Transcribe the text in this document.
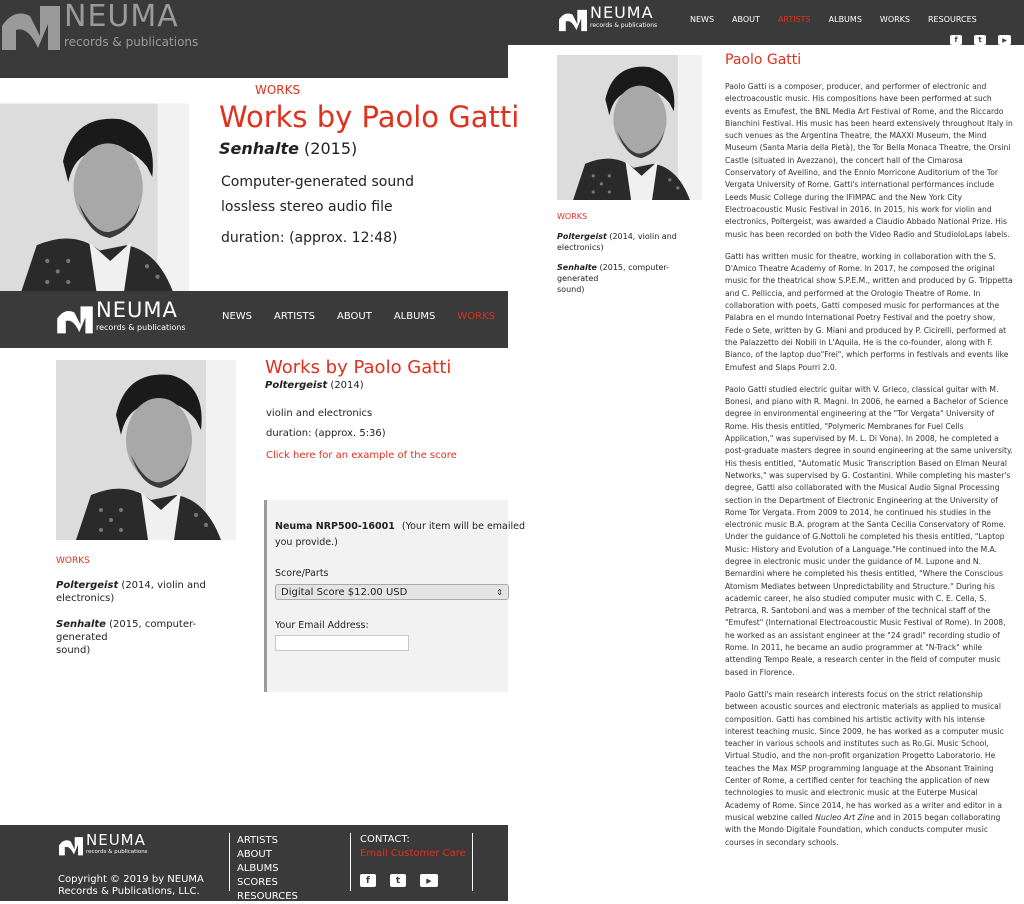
NEUMA
records & publications
WORKS
Works by Paolo Gatti
Senhalte (2015)
Computer-generated sound
lossless stereo audio file
duration: (approx. 12:48)
NEUMA
records & publications
NEWS ARTISTS ABOUT ALBUMS WORKS
Works by Paolo Gatti
Poltergeist (2014)
violin and electronics
duration: (approx. 5:36)
Click here for an example of the score
Neuma NRP500-16001 (Your item will be emailed
you provide.)
Score/Parts
Digital Score $12.00 USD	⇕
Your Email Address:
WORKS
Poltergeist (2014, violin and
electronics)
Senhalte (2015, computer-generated
sound)
NEUMA
records & publications
Copyright © 2019 by NEUMA
Records & Publications, LLC.
ARTISTS
ABOUT
ALBUMS
SCORES
RESOURCES
CONTACT:
Email Customer Care
f	t	▶
NEUMA
records & publications
NEWS ABOUT ARTISTS ALBUMS WORKS RESOURCES
f	t	▶
WORKS
Poltergeist (2014, violin and
electronics)
Senhalte (2015, computer-generated
sound)
Paolo Gatti

Paolo Gatti is a composer, producer, and performer of electronic and electroacoustic music. His compositions have been performed at such events as Emufest, the BNL Media Art Festival of Rome, and the Riccardo Bianchini Festival. His music has been heard extensively throughout Italy in such venues as the Argentina Theatre, the MAXXI Museum, the Mind Museum (Santa Maria della Pietà), the Tor Bella Monaca Theatre, the Orsini Castle (situated in Avezzano), the concert hall of the Cimarosa Conservatory of Avellino, and the Ennio Morricone Auditorium of the Tor Vergata University of Rome. Gatti's international performances include Leeds Music College during the IFIMPAC and the New York City Electroacoustic Music Festival in 2016. In 2015, his work for violin and electronics, Poltergeist, was awarded a Claudio Abbado National Prize. His music has been recorded on both the Video Radio and StudioloLaps labels.

Gatti has written music for theatre, working in collaboration with the S. D'Amico Theatre Academy of Rome. In 2017, he composed the original music for the theatrical show S.P.E.M., written and produced by G. Trippetta and C. Pelliccia, and performed at the Orologio Theatre of Rome. In collaboration with poets, Gatti composed music for performances at the Palabra en el mundo International Poetry Festival and the poetry show, Fede o Sete, written by G. Miani and produced by P. Cicirelli, performed at the Palazzetto dei Nobili in L'Aquila. He is the co-founder, along with F. Bianco, of the laptop duo"Frei", which performs in festivals and events like Emufest and Slaps Pourri 2.0.

Paolo Gatti studied electric guitar with V. Grieco, classical guitar with M. Bonesi, and piano with R. Magni. In 2006, he earned a Bachelor of Science degree in environmental engineering at the "Tor Vergata" University of Rome. His thesis entitled, "Polymeric Membranes for Fuel Cells Application," was supervised by M. L. Di Vona). In 2008, he completed a post-graduate masters degree in sound engineering at the same university. His thesis entitled, "Automatic Music Transcription Based on Elman Neural Networks," was supervised by G. Costantini. While completing his master's degree, Gatti also collaborated with the Musical Audio Signal Processing section in the Department of Electronic Engineering at the University of Rome Tor Vergata. From 2009 to 2014, he continued his studies in the electronic music B.A. program at the Santa Cecilia Conservatory of Rome. Under the guidance of G.Nottoli he completed his thesis entitled, "Laptop Music: History and Evolution of a Language."He continued into the M.A. degree in electronic music under the guidance of M. Lupone and N. Bernardini where he completed his thesis entitled, "Where the Conscious Atomism Mediates between Unpredictability and Structure." During his academic career, he also studied computer music with C. E. Cella, S. Petrarca, R. Santoboni and was a member of the technical staff of the "Emufest" (International Electroacoustic Music Festival of Rome). In 2008, he worked as an assistant engineer at the "24 gradi" recording studio of Rome. In 2011, he became an audio programmer at "N-Track" while attending Tempo Reale, a research center in the field of computer music based in Florence.

Paolo Gatti's main research interests focus on the strict relationship between acoustic sources and electronic materials as applied to musical composition. Gatti has combined his artistic activity with his intense interest teaching music. Since 2009, he has worked as a computer music teacher in various schools and institutes such as Ro.Gi. Music School, Virtual Studio, and the non-profit organization Progetto Laboratorio. He teaches the Max MSP programming language at the Absonant Training Center of Rome, a certified center for teaching the application of new technologies to music and electronic music at the Euterpe Musical Academy of Rome. Since 2014, he has worked as a writer and editor in a musical webzine called Nucleo Art Zine and in 2015 began collaborating with the Mondo Digitale Foundation, which conducts computer music courses in secondary schools.
